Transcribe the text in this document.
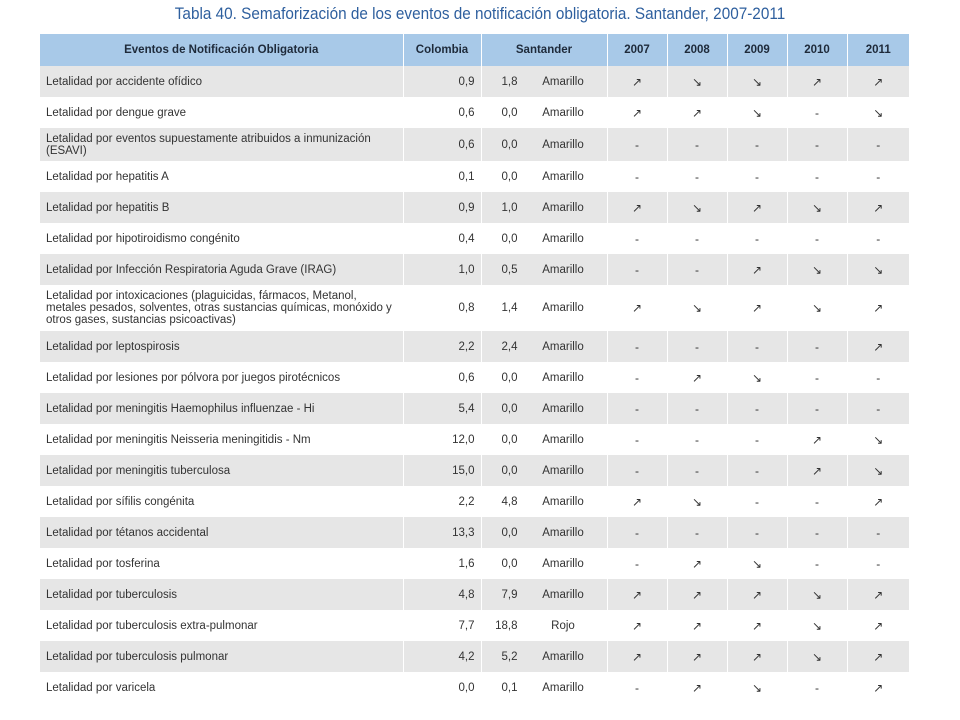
Tabla 40. Semaforización de los eventos de notificación obligatoria. Santander, 2007-2011
Eventos de Notificación Obligatoria	Colombia	Santander	2007	2008	2009	2010	2011
Letalidad por accidente ofídico	0,9	1,8 Amarillo	↗	↘	↘	↗	↗
Letalidad por dengue grave	0,6	0,0 Amarillo	↗	↗	↘	-	↘
Letalidad por eventos supuestamente atribuidos a inmunización (ESAVI)	0,6	0,0 Amarillo	-	-	-	-	-
Letalidad por hepatitis A	0,1	0,0 Amarillo	-	-	-	-	-
Letalidad por hepatitis B	0,9	1,0 Amarillo	↗	↘	↗	↘	↗
Letalidad por hipotiroidismo congénito	0,4	0,0 Amarillo	-	-	-	-	-
Letalidad por Infección Respiratoria Aguda Grave (IRAG)	1,0	0,5 Amarillo	-	-	↗	↘	↘
Letalidad por intoxicaciones (plaguicidas, fármacos, Metanol, metales pesados, solventes, otras sustancias químicas, monóxido y otros gases, sustancias psicoactivas)	0,8	1,4 Amarillo	↗	↘	↗	↘	↗
Letalidad por leptospirosis	2,2	2,4 Amarillo	-	-	-	-	↗
Letalidad por lesiones por pólvora por juegos pirotécnicos	0,6	0,0 Amarillo	-	↗	↘	-	-
Letalidad por meningitis Haemophilus influenzae - Hi	5,4	0,0 Amarillo	-	-	-	-	-
Letalidad por meningitis Neisseria meningitidis - Nm	12,0	0,0 Amarillo	-	-	-	↗	↘
Letalidad por meningitis tuberculosa	15,0	0,0 Amarillo	-	-	-	↗	↘
Letalidad por sífilis congénita	2,2	4,8 Amarillo	↗	↘	-	-	↗
Letalidad por tétanos accidental	13,3	0,0 Amarillo	-	-	-	-	-
Letalidad por tosferina	1,6	0,0 Amarillo	-	↗	↘	-	-
Letalidad por tuberculosis	4,8	7,9 Amarillo	↗	↗	↗	↘	↗
Letalidad por tuberculosis extra-pulmonar	7,7	18,8 Rojo	↗	↗	↗	↘	↗
Letalidad por tuberculosis pulmonar	4,2	5,2 Amarillo	↗	↗	↗	↘	↗
Letalidad por varicela	0,0	0,1 Amarillo	-	↗	↘	-	↗
